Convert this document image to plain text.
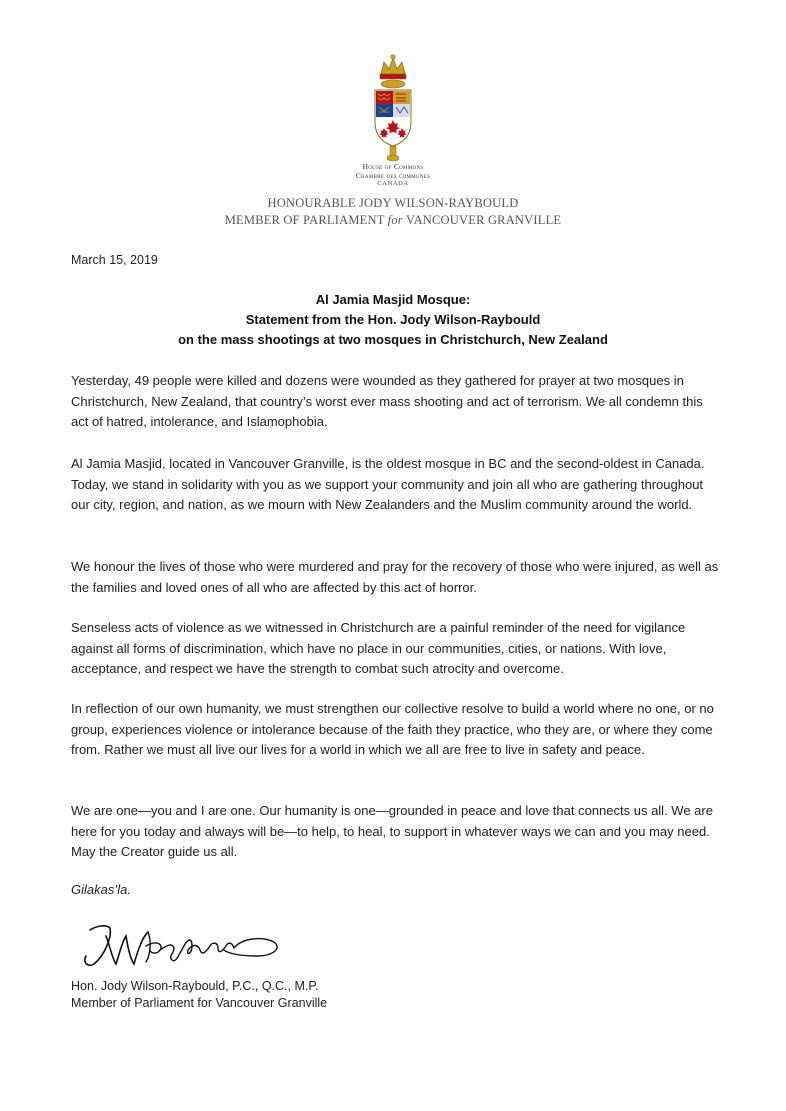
House of Commons
Chambre des communes
CANADA
HONOURABLE JODY WILSON-RAYBOULD
MEMBER OF PARLIAMENT for VANCOUVER GRANVILLE
March 15, 2019
Al Jamia Masjid Mosque:
Statement from the Hon. Jody Wilson-Raybould
on the mass shootings at two mosques in Christchurch, New Zealand

Yesterday, 49 people were killed and dozens were wounded as they gathered for prayer at two mosques in Christchurch, New Zealand, that country’s worst ever mass shooting and act of terrorism. We all condemn this act of hatred, intolerance, and Islamophobia.

Al Jamia Masjid, located in Vancouver Granville, is the oldest mosque in BC and the second-oldest in Canada. Today, we stand in solidarity with you as we support your community and join all who are gathering throughout our city, region, and nation, as we mourn with New Zealanders and the Muslim community around the world.

We honour the lives of those who were murdered and pray for the recovery of those who were injured, as well as the families and loved ones of all who are affected by this act of horror.

Senseless acts of violence as we witnessed in Christchurch are a painful reminder of the need for vigilance against all forms of discrimination, which have no place in our communities, cities, or nations. With love, acceptance, and respect we have the strength to combat such atrocity and overcome.

In reflection of our own humanity, we must strengthen our collective resolve to build a world where no one, or no group, experiences violence or intolerance because of the faith they practice, who they are, or where they come from. Rather we must all live our lives for a world in which we all are free to live in safety and peace.

We are one—you and I are one. Our humanity is one—grounded in peace and love that connects us all. We are here for you today and always will be—to help, to heal, to support in whatever ways we can and you may need. May the Creator guide us all.

Gilakas’la.
Hon. Jody Wilson-Raybould, P.C., Q.C., M.P.
Member of Parliament for Vancouver Granville
